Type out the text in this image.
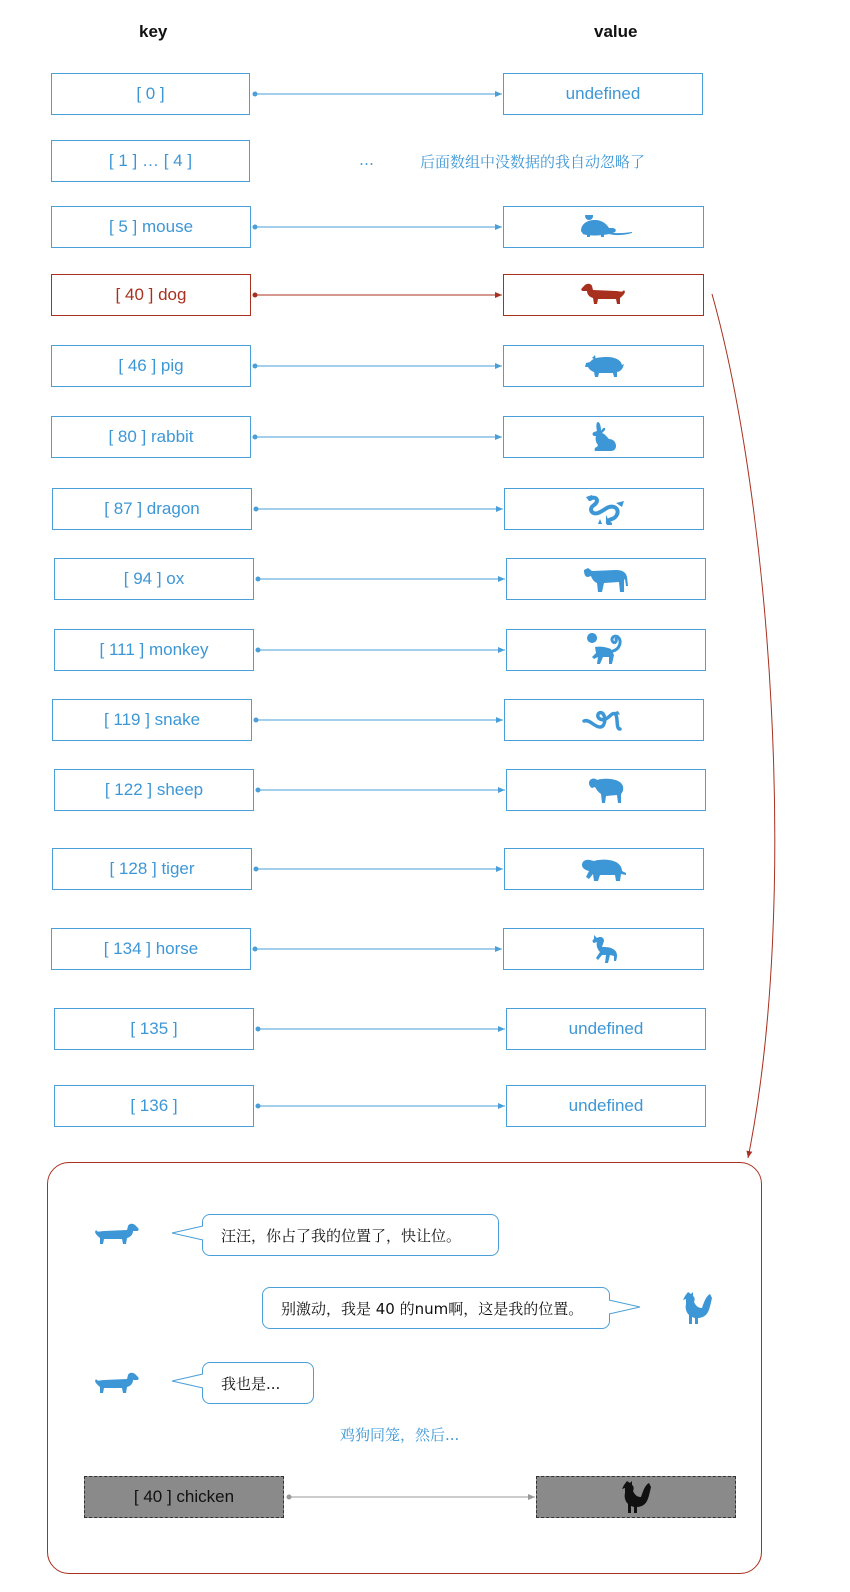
key	value
[ 0 ]
[ 1 ] … [ 4 ]
[ 5 ] mouse
[ 40 ] dog
[ 46 ] pig
[ 80 ] rabbit
[ 87 ] dragon
[ 94 ] ox
[ 111 ] monkey
[ 119 ] snake
[ 122 ] sheep
[ 128 ] tiger
[ 134 ] horse
[ 135 ]
[ 136 ]
…	后面数组中没数据的我自动忽略了
undefined
undefined
undefined
汪汪，你占了我的位置了，快让位。
别激动，我是 40 的num啊，这是我的位置。
我也是...
鸡狗同笼，然后...
[ 40 ] chicken
